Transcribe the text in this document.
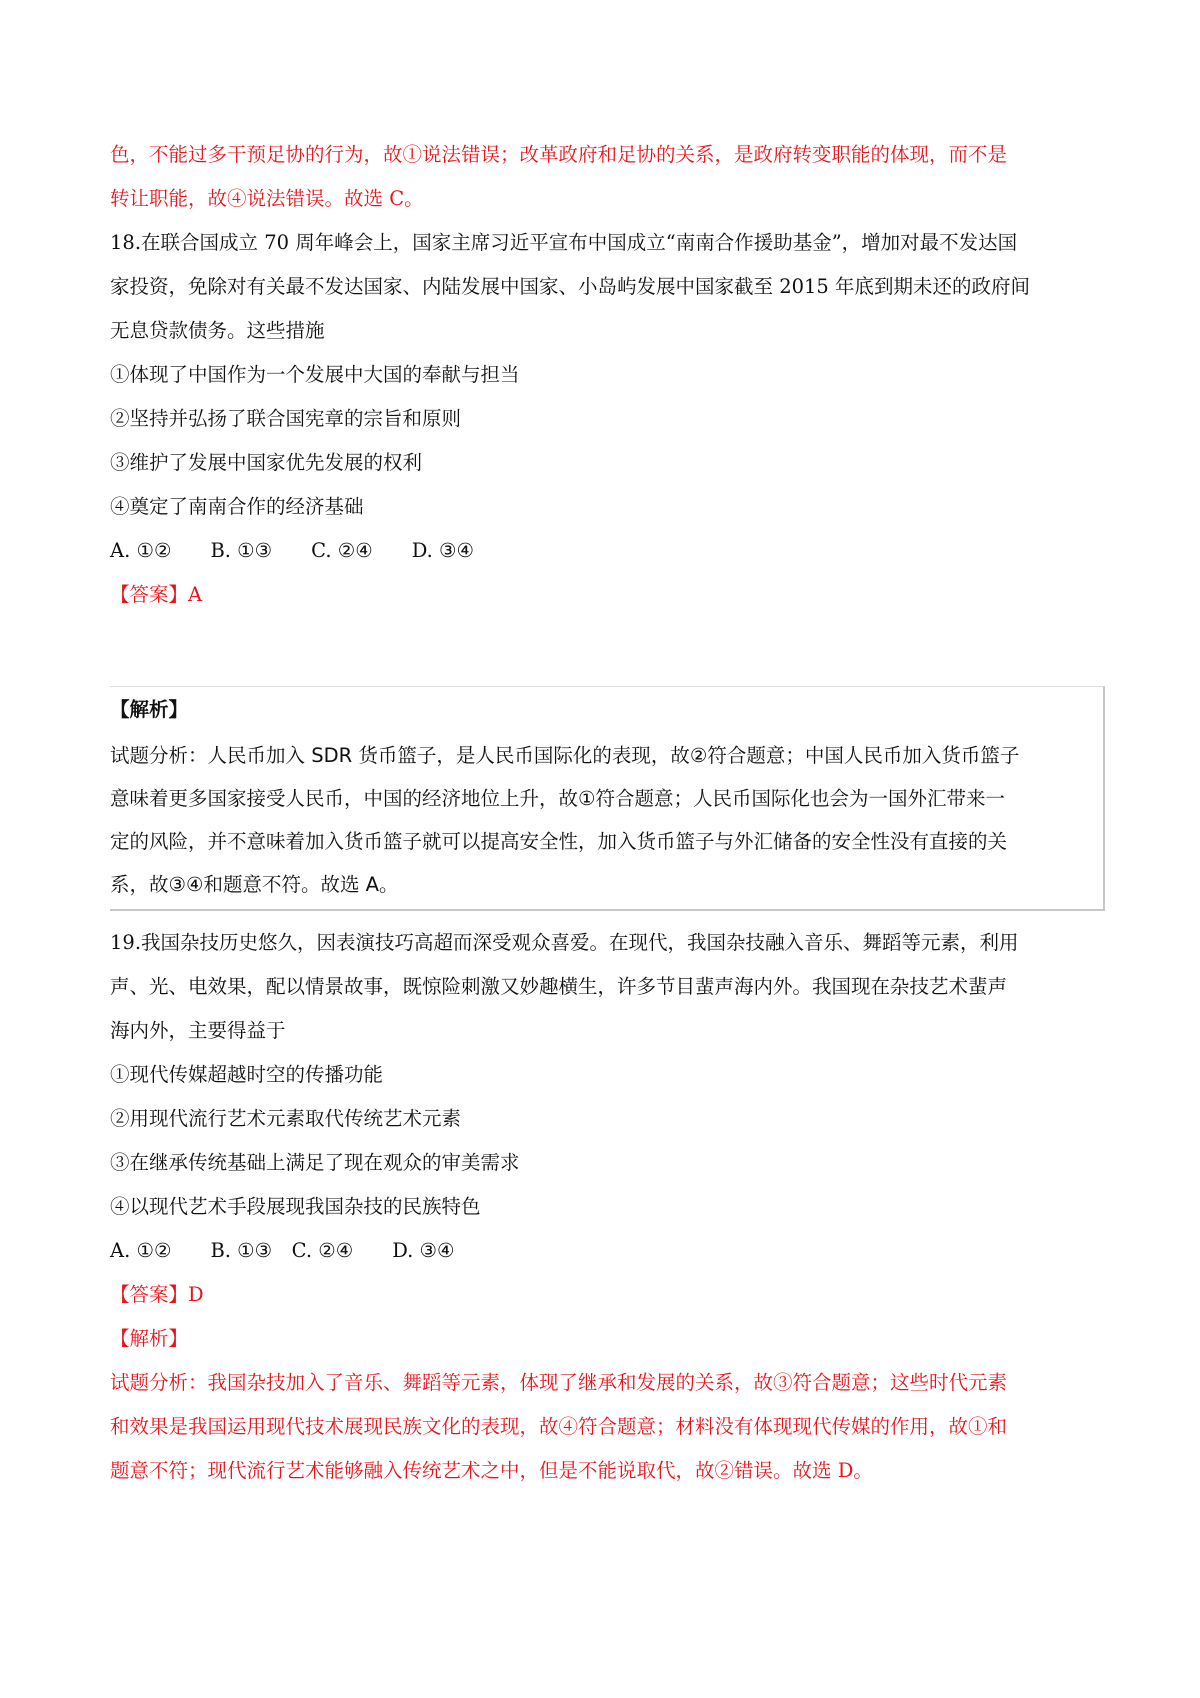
色，不能过多干预足协的行为，故①说法错误；改革政府和足协的关系，是政府转变职能的体现，而不是
转让职能，故④说法错误。故选 C。
18.在联合国成立 70 周年峰会上，国家主席习近平宣布中国成立“南南合作援助基金”，增加对最不发达国
家投资，免除对有关最不发达国家、内陆发展中国家、小岛屿发展中国家截至 2015 年底到期未还的政府间
无息贷款债务。这些措施
①体现了中国作为一个发展中大国的奉献与担当
②坚持并弘扬了联合国宪章的宗旨和原则
③维护了发展中国家优先发展的权利
④奠定了南南合作的经济基础
A. ①②　　B. ①③　　C. ②④　　D. ③④
【答案】A
【解析】
试题分析：人民币加入 SDR 货币篮子，是人民币国际化的表现，故②符合题意；中国人民币加入货币篮子
意味着更多国家接受人民币，中国的经济地位上升，故①符合题意；人民币国际化也会为一国外汇带来一
定的风险，并不意味着加入货币篮子就可以提高安全性，加入货币篮子与外汇储备的安全性没有直接的关
系，故③④和题意不符。故选 A。
19.我国杂技历史悠久，因表演技巧高超而深受观众喜爱。在现代，我国杂技融入音乐、舞蹈等元素，利用
声、光、电效果，配以情景故事，既惊险刺激又妙趣横生，许多节目蜚声海内外。我国现在杂技艺术蜚声
海内外，主要得益于
①现代传媒超越时空的传播功能
②用现代流行艺术元素取代传统艺术元素
③在继承传统基础上满足了现在观众的审美需求
④以现代艺术手段展现我国杂技的民族特色
A. ①②　　B. ①③　C. ②④　　D. ③④
【答案】D
【解析】
试题分析：我国杂技加入了音乐、舞蹈等元素，体现了继承和发展的关系，故③符合题意；这些时代元素
和效果是我国运用现代技术展现民族文化的表现，故④符合题意；材料没有体现现代传媒的作用，故①和
题意不符；现代流行艺术能够融入传统艺术之中，但是不能说取代，故②错误。故选 D。
